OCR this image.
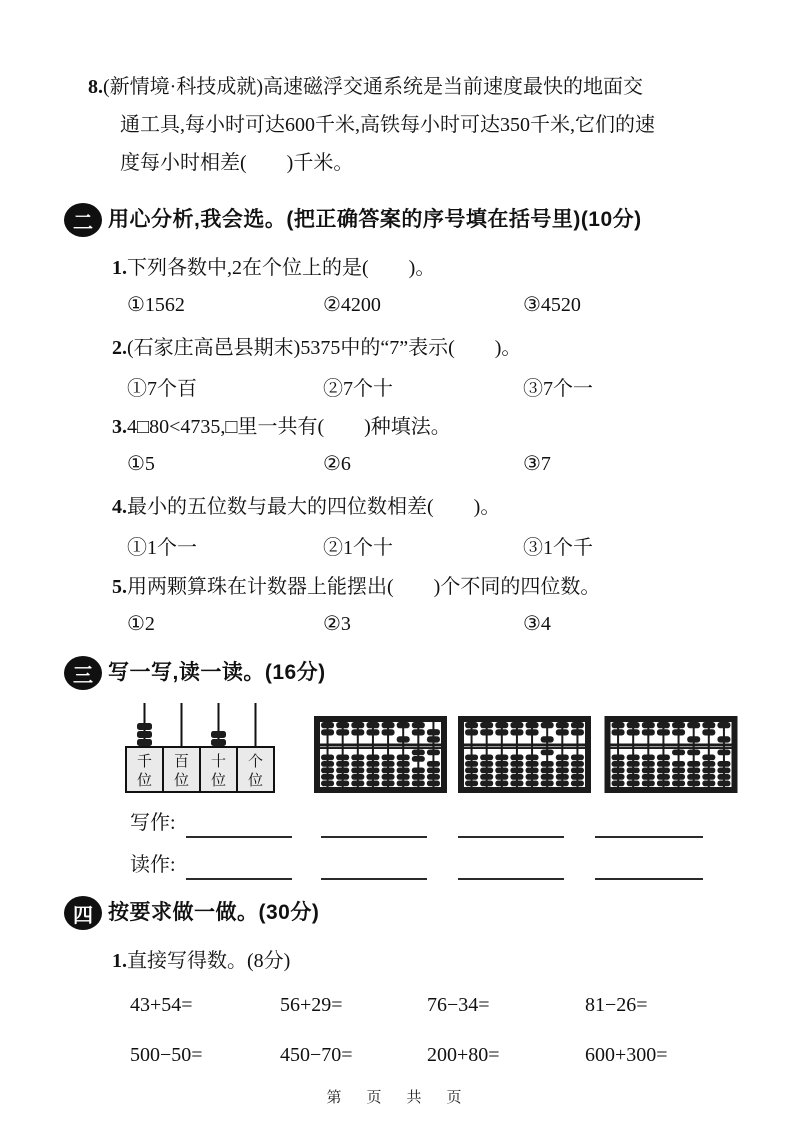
8.(新情境·科技成就)高速磁浮交通系统是当前速度最快的地面交
通工具,每小时可达600千米,高铁每小时可达350千米,它们的速
度每小时相差(　　)千米。
二 用心分析,我会选。(把正确答案的序号填在括号里)(10分)
1.下列各数中,2在个位上的是(　　)。
①1562	②4200	③4520
2.(石家庄高邑县期末)5375中的“7”表示(　　)。
①7个百	②7个十	③7个一
3.4□80<4735,□里一共有(　　)种填法。
①5	②6	③7
4.最小的五位数与最大的四位数相差(　　)。
①1个一	②1个十	③1个千
5.用两颗算珠在计数器上能摆出(　　)个不同的四位数。
①2	②3	③4
三 写一写,读一读。(16分)
千位
百位
十位
个位
写作:
读作:
四 按要求做一做。(30分)
1.直接写得数。(8分)
43+54=	56+29=	76−34=	81−26=
500−50=	450−70=	200+80=	600+300=
第　页　共　页
